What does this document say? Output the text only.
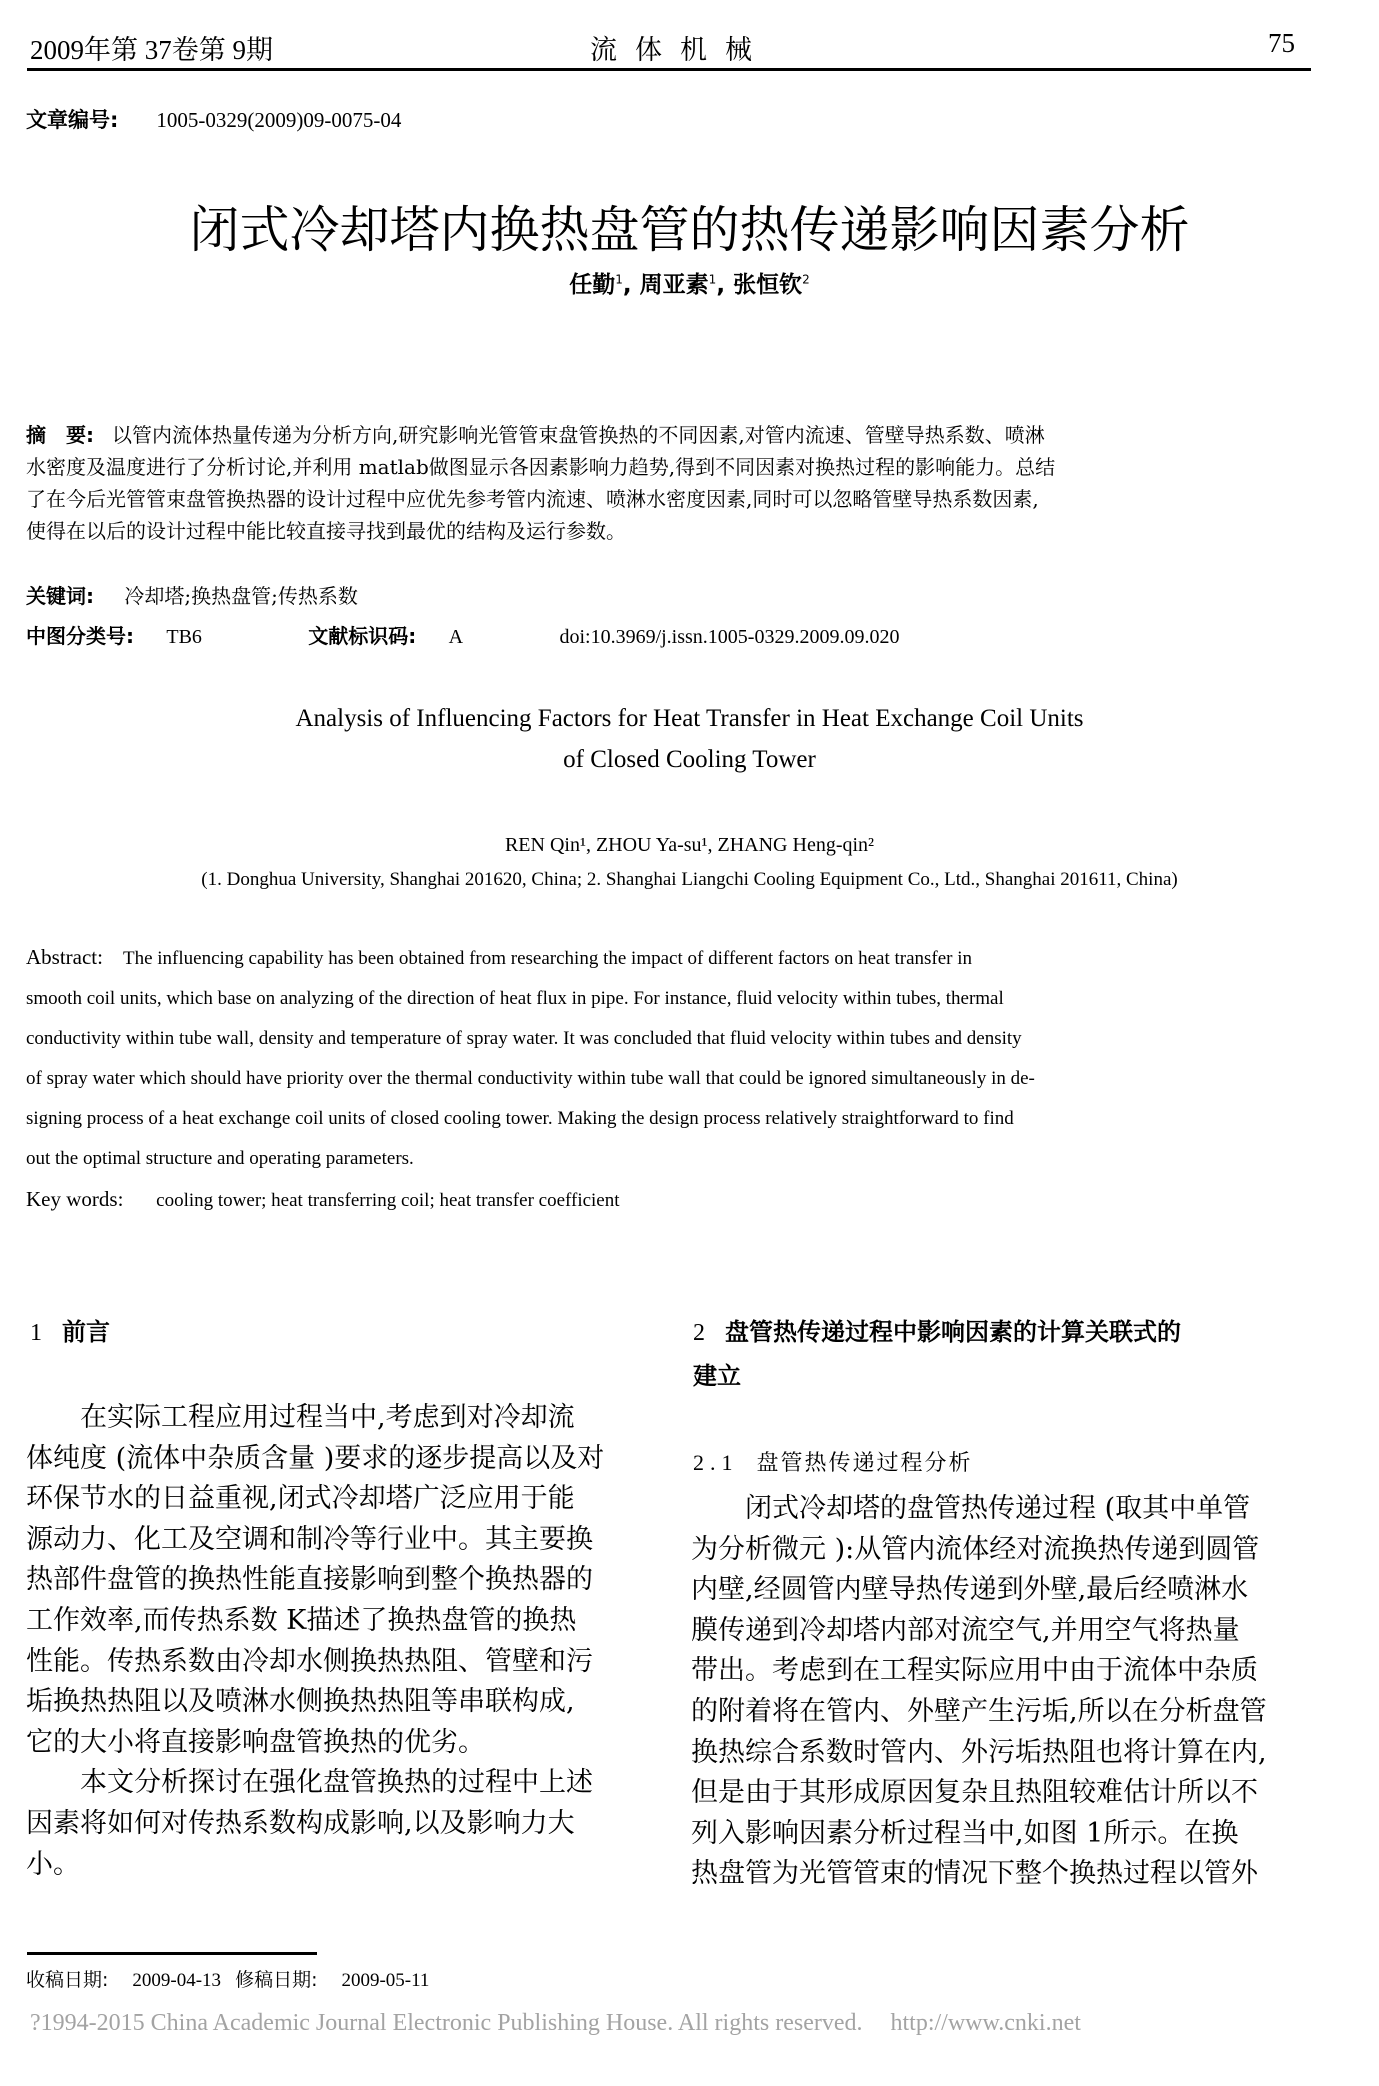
2009年第 37卷第 9期	流体机械	75
文章编号: 1005-0329(2009)09-0075-04
闭式冷却塔内换热盘管的热传递影响因素分析
任勤$^1$, 周亚素$^1$, 张恒钦$^2$
摘　要: 以管内流体热量传递为分析方向,研究影响光管管束盘管换热的不同因素,对管内流速、管壁导热系数、喷淋
水密度及温度进行了分析讨论,并利用 matlab做图显示各因素影响力趋势,得到不同因素对换热过程的影响能力。总结
了在今后光管管束盘管换热器的设计过程中应优先参考管内流速、喷淋水密度因素,同时可以忽略管壁导热系数因素,
使得在以后的设计过程中能比较直接寻找到最优的结构及运行参数。
关键词: 冷却塔;换热盘管;传热系数
中图分类号: TB6	文献标识码: A	doi:10.3969/j.issn.1005-0329.2009.09.020
Analysis of Influencing Factors for Heat Transfer in Heat Exchange Coil Units
of Closed Cooling Tower
REN Qin¹, ZHOU Ya-su¹, ZHANG Heng-qin²
(1. Donghua University, Shanghai 201620, China; 2. Shanghai Liangchi Cooling Equipment Co., Ltd., Shanghai 201611, China)
Abstract: The influencing capability has been obtained from researching the impact of different factors on heat transfer in
smooth coil units, which base on analyzing of the direction of heat flux in pipe. For instance, fluid velocity within tubes, thermal
conductivity within tube wall, density and temperature of spray water. It was concluded that fluid velocity within tubes and density
of spray water which should have priority over the thermal conductivity within tube wall that could be ignored simultaneously in de-
signing process of a heat exchange coil units of closed cooling tower. Making the design process relatively straightforward to find
out the optimal structure and operating parameters.
Key words: cooling tower; heat transferring coil; heat transfer coefficient
1 前言
　　在实际工程应用过程当中,考虑到对冷却流
体纯度 (流体中杂质含量 )要求的逐步提高以及对
环保节水的日益重视,闭式冷却塔广泛应用于能
源动力、化工及空调和制冷等行业中。其主要换
热部件盘管的换热性能直接影响到整个换热器的
工作效率,而传热系数 K描述了换热盘管的换热
性能。传热系数由冷却水侧换热热阻、管壁和污
垢换热热阻以及喷淋水侧换热热阻等串联构成,
它的大小将直接影响盘管换热的优劣。
　　本文分析探讨在强化盘管换热的过程中上述
因素将如何对传热系数构成影响,以及影响力大
小。
2 盘管热传递过程中影响因素的计算关联式的
建立
2.1 盘管热传递过程分析
　　闭式冷却塔的盘管热传递过程 (取其中单管
为分析微元 ):从管内流体经对流换热传递到圆管
内壁,经圆管内壁导热传递到外壁,最后经喷淋水
膜传递到冷却塔内部对流空气,并用空气将热量
带出。考虑到在工程实际应用中由于流体中杂质
的附着将在管内、外壁产生污垢,所以在分析盘管
换热综合系数时管内、外污垢热阻也将计算在内,
但是由于其形成原因复杂且热阻较难估计所以不
列入影响因素分析过程当中,如图 1所示。在换
热盘管为光管管束的情况下整个换热过程以管外
收稿日期: 2009-04-13 修稿日期: 2009-05-11
?1994-2015 China Academic Journal Electronic Publishing House. All rights reserved. http://www.cnki.net
